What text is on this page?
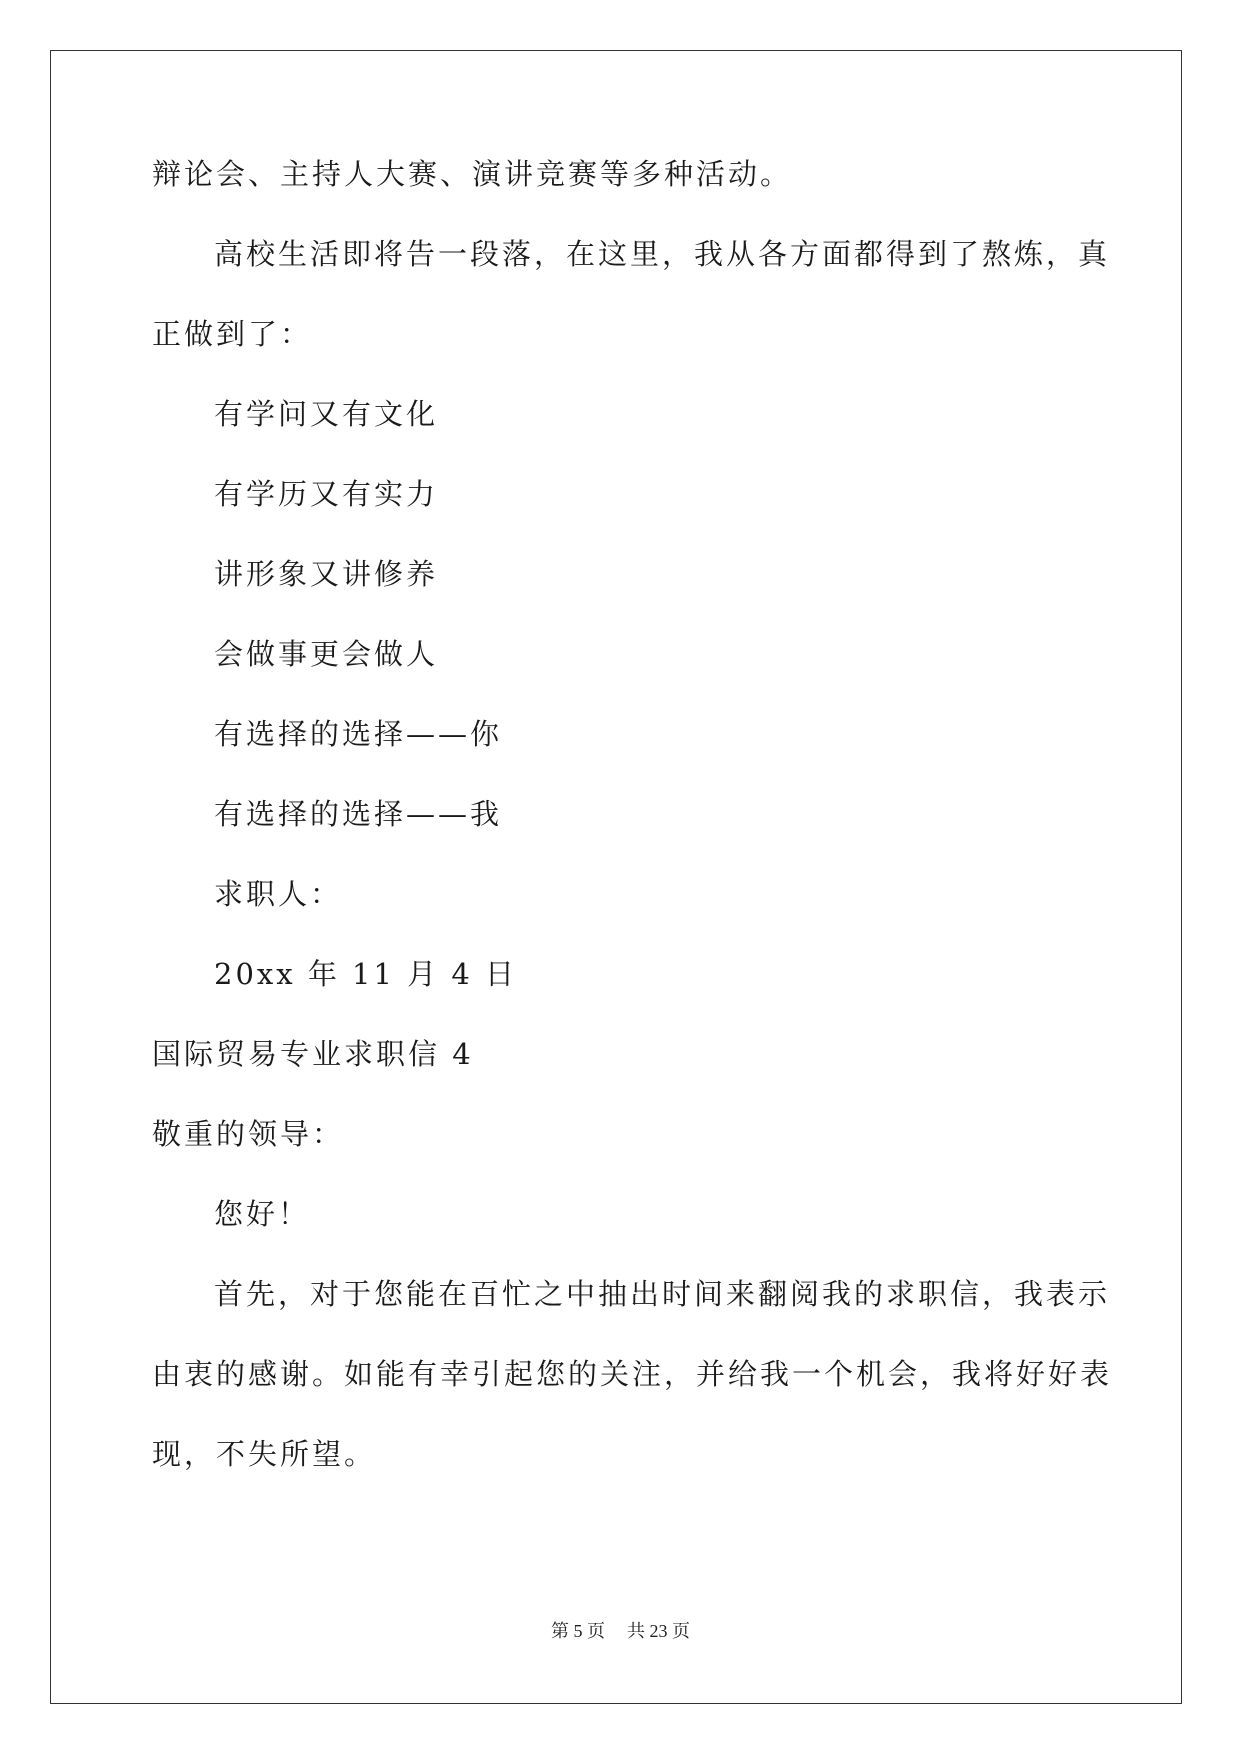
辩论会、主持人大赛、演讲竞赛等多种活动。
高校生活即将告一段落，在这里，我从各方面都得到了熬炼，真
正做到了：
有学问又有文化
有学历又有实力
讲形象又讲修养
会做事更会做人
有选择的选择——你
有选择的选择——我
求职人：
20xx 年 11 月 4 日
国际贸易专业求职信 4
敬重的领导：
您好！
首先，对于您能在百忙之中抽出时间来翻阅我的求职信，我表示
由衷的感谢。如能有幸引起您的关注，并给我一个机会，我将好好表
现，不失所望。
第 5 页 共 23 页
